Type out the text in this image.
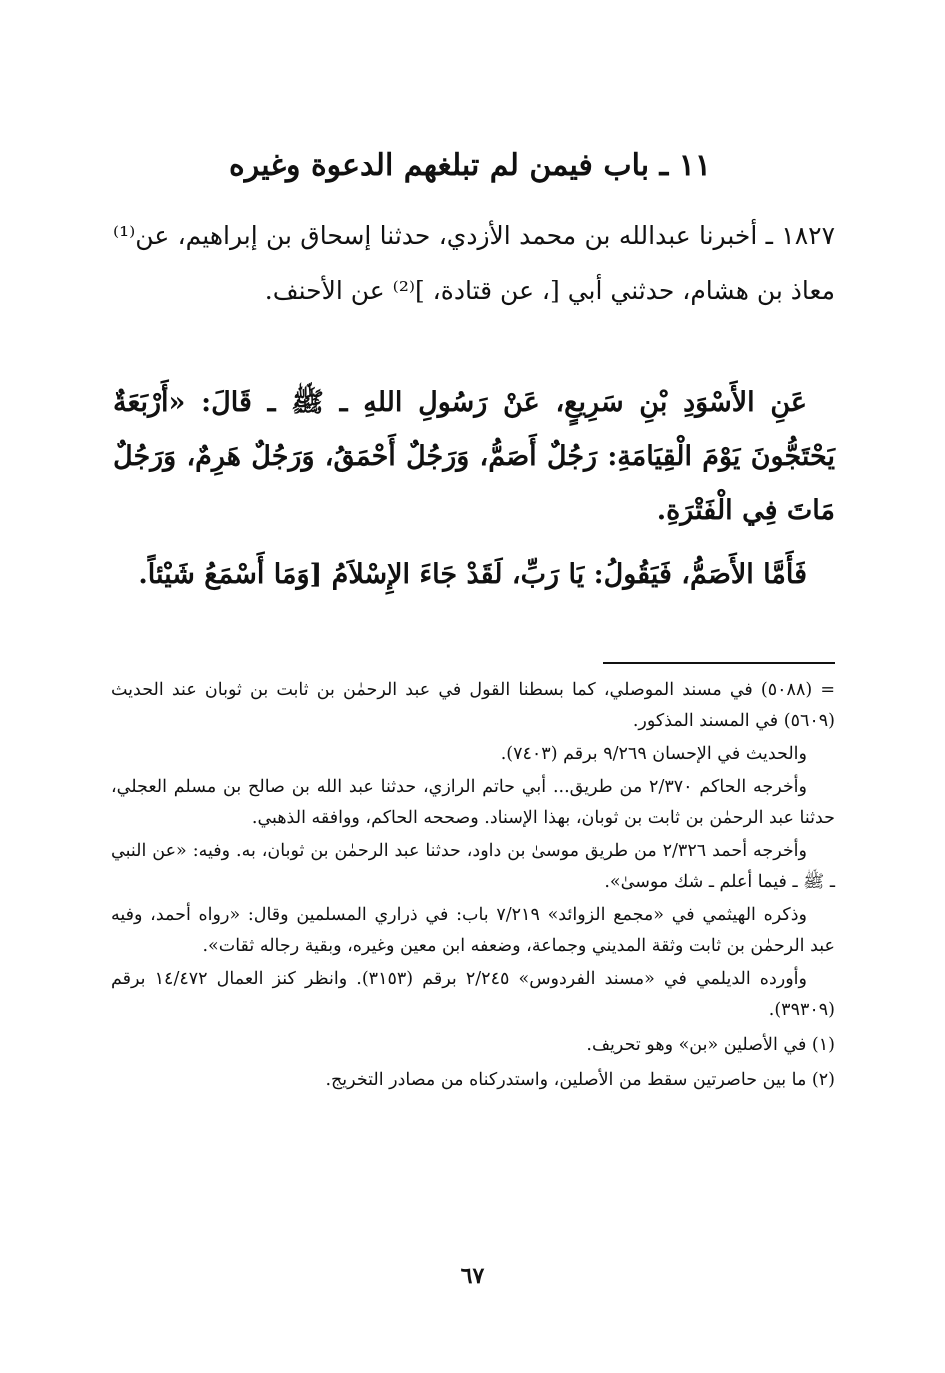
١١ ـ باب فيمن لم تبلغهم الدعوة وغيره

١٨٢٧ ـ أخبرنا عبدالله بن محمد الأزدي، حدثنا إسحاق بن إبراهيم، عن⁽¹⁾ معاذ بن هشام، حدثني أبي [، عن قتادة، ]⁽²⁾ عن الأحنف.

عَنِ الأَسْوَدِ بْنِ سَرِيعٍ، عَنْ رَسُولِ اللهِ ـ ﷺ ـ قَالَ: «أَرْبَعَةٌ يَحْتَجُّونَ يَوْمَ الْقِيَامَةِ: رَجُلٌ أَصَمُّ، وَرَجُلٌ أَحْمَقُ، وَرَجُلٌ هَرِمٌ، وَرَجُلٌ مَاتَ فِي الْفَتْرَةِ.

فَأَمَّا الأَصَمُّ، فَيَقُولُ: يَا رَبِّ، لَقَدْ جَاءَ الإِسْلاَمُ [وَمَا أَسْمَعُ شَيْئاً.

= (٥٠٨٨) في مسند الموصلي، كما بسطنا القول في عبد الرحمٰن بن ثابت بن ثوبان عند الحديث (٥٦٠٩) في المسند المذكور.

والحديث في الإحسان ٩/٢٦٩ برقم (٧٤٠٣).

وأخرجه الحاكم ٢/٣٧٠ من طريق... أبي حاتم الرازي، حدثنا عبد الله بن صالح بن مسلم العجلي، حدثنا عبد الرحمٰن بن ثابت بن ثوبان، بهذا الإسناد. وصححه الحاكم، ووافقه الذهبي.

وأخرجه أحمد ٢/٣٢٦ من طريق موسىٰ بن داود، حدثنا عبد الرحمٰن بن ثوبان، به. وفيه: «عن النبي ـ ﷺ ـ فيما أعلم ـ شك موسىٰ».

وذكره الهيثمي في «مجمع الزوائد» ٧/٢١٩ باب: في ذراري المسلمين وقال: «رواه أحمد، وفيه عبد الرحمٰن بن ثابت وثقة المديني وجماعة، وضعفه ابن معين وغيره، وبقية رجاله ثقات».

وأورده الديلمي في «مسند الفردوس» ٢/٢٤٥ برقم (٣١٥٣). وانظر كنز العمال ١٤/٤٧٢ برقم (٣٩٣٠٩).

(١) في الأصلين «بن» وهو تحريف.

(٢) ما بين حاصرتين سقط من الأصلين، واستدركناه من مصادر التخريج.

٦٧
